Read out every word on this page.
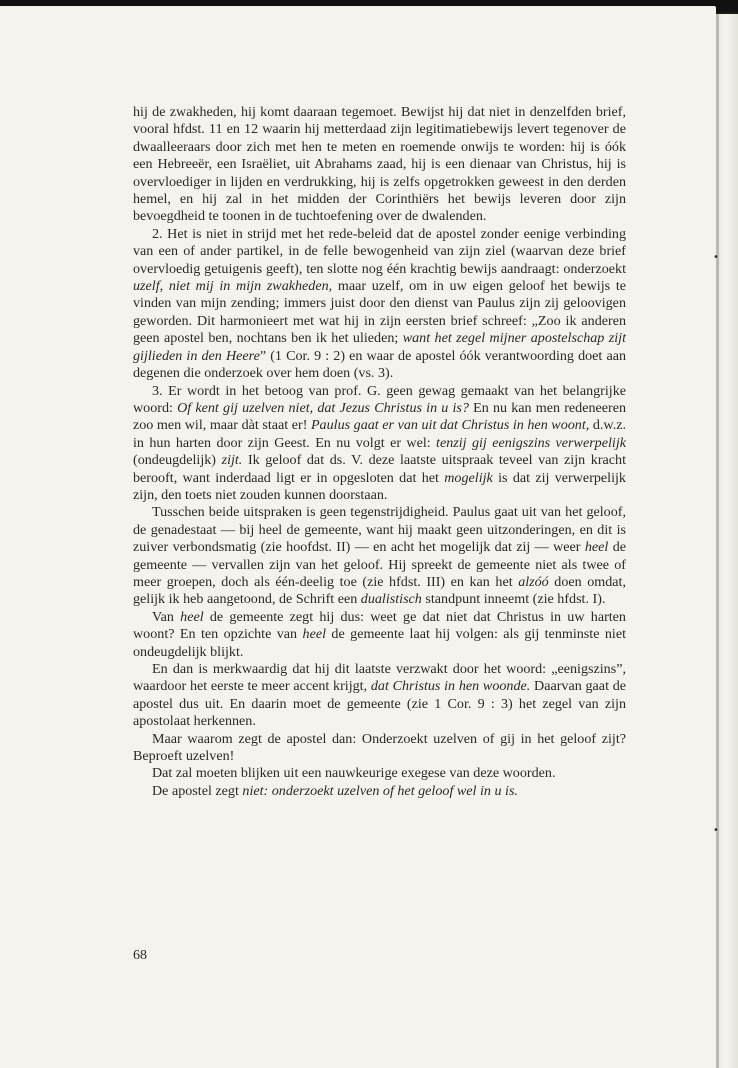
hij de zwakheden, hij komt daaraan tegemoet. Bewijst hij dat niet in denzelfden brief, vooral hfdst. 11 en 12 waarin hij metterdaad zijn legitimatiebewijs levert tegenover de dwaalleeraars door zich met hen te meten en roemende onwijs te worden: hij is óók een Hebreeër, een Israëliet, uit Abrahams zaad, hij is een dienaar van Christus, hij is overvloediger in lijden en verdrukking, hij is zelfs opgetrokken geweest in den derden hemel, en hij zal in het midden der Corinthiërs het bewijs leveren door zijn bevoegdheid te toonen in de tuchtoefening over de dwalenden.

2. Het is niet in strijd met het rede-beleid dat de apostel zonder eenige verbinding van een of ander partikel, in de felle bewogenheid van zijn ziel (waarvan deze brief overvloedig getuigenis geeft), ten slotte nog één krachtig bewijs aandraagt: onderzoekt uzelf, niet mij in mijn zwakheden, maar uzelf, om in uw eigen geloof het bewijs te vinden van mijn zending; immers juist door den dienst van Paulus zijn zij geloovigen geworden. Dit harmonieert met wat hij in zijn eersten brief schreef: „Zoo ik anderen geen apostel ben, nochtans ben ik het ulieden; want het zegel mijner apostelschap zijt gijlieden in den Heere” (1 Cor. 9 : 2) en waar de apostel óók verantwoording doet aan degenen die onderzoek over hem doen (vs. 3).

3. Er wordt in het betoog van prof. G. geen gewag gemaakt van het belangrijke woord: Of kent gij uzelven niet, dat Jezus Christus in u is? En nu kan men redeneeren zoo men wil, maar dàt staat er! Paulus gaat er van uit dat Christus in hen woont, d.w.z. in hun harten door zijn Geest. En nu volgt er wel: tenzij gij eenigszins verwerpelijk (ondeugdelijk) zijt. Ik geloof dat ds. V. deze laatste uitspraak teveel van zijn kracht berooft, want inderdaad ligt er in opgesloten dat het mogelijk is dat zij verwerpelijk zijn, den toets niet zouden kunnen doorstaan.

Tusschen beide uitspraken is geen tegenstrijdigheid. Paulus gaat uit van het geloof, de genadestaat — bij heel de gemeente, want hij maakt geen uitzonderingen, en dit is zuiver verbondsmatig (zie hoofdst. II) — en acht het mogelijk dat zij — weer heel de gemeente — vervallen zijn van het geloof. Hij spreekt de gemeente niet als twee of meer groepen, doch als één-deelig toe (zie hfdst. III) en kan het alzóó doen omdat, gelijk ik heb aangetoond, de Schrift een dualistisch standpunt inneemt (zie hfdst. I).

Van heel de gemeente zegt hij dus: weet ge dat niet dat Christus in uw harten woont? En ten opzichte van heel de gemeente laat hij volgen: als gij tenminste niet ondeugdelijk blijkt.

En dan is merkwaardig dat hij dit laatste verzwakt door het woord: „eenigszins”, waardoor het eerste te meer accent krijgt, dat Christus in hen woonde. Daarvan gaat de apostel dus uit. En daarin moet de gemeente (zie 1 Cor. 9 : 3) het zegel van zijn apostolaat herkennen.

Maar waarom zegt de apostel dan: Onderzoekt uzelven of gij in het geloof zijt? Beproeft uzelven!

Dat zal moeten blijken uit een nauwkeurige exegese van deze woorden.

De apostel zegt niet: onderzoekt uzelven of het geloof wel in u is.

68
•
•
